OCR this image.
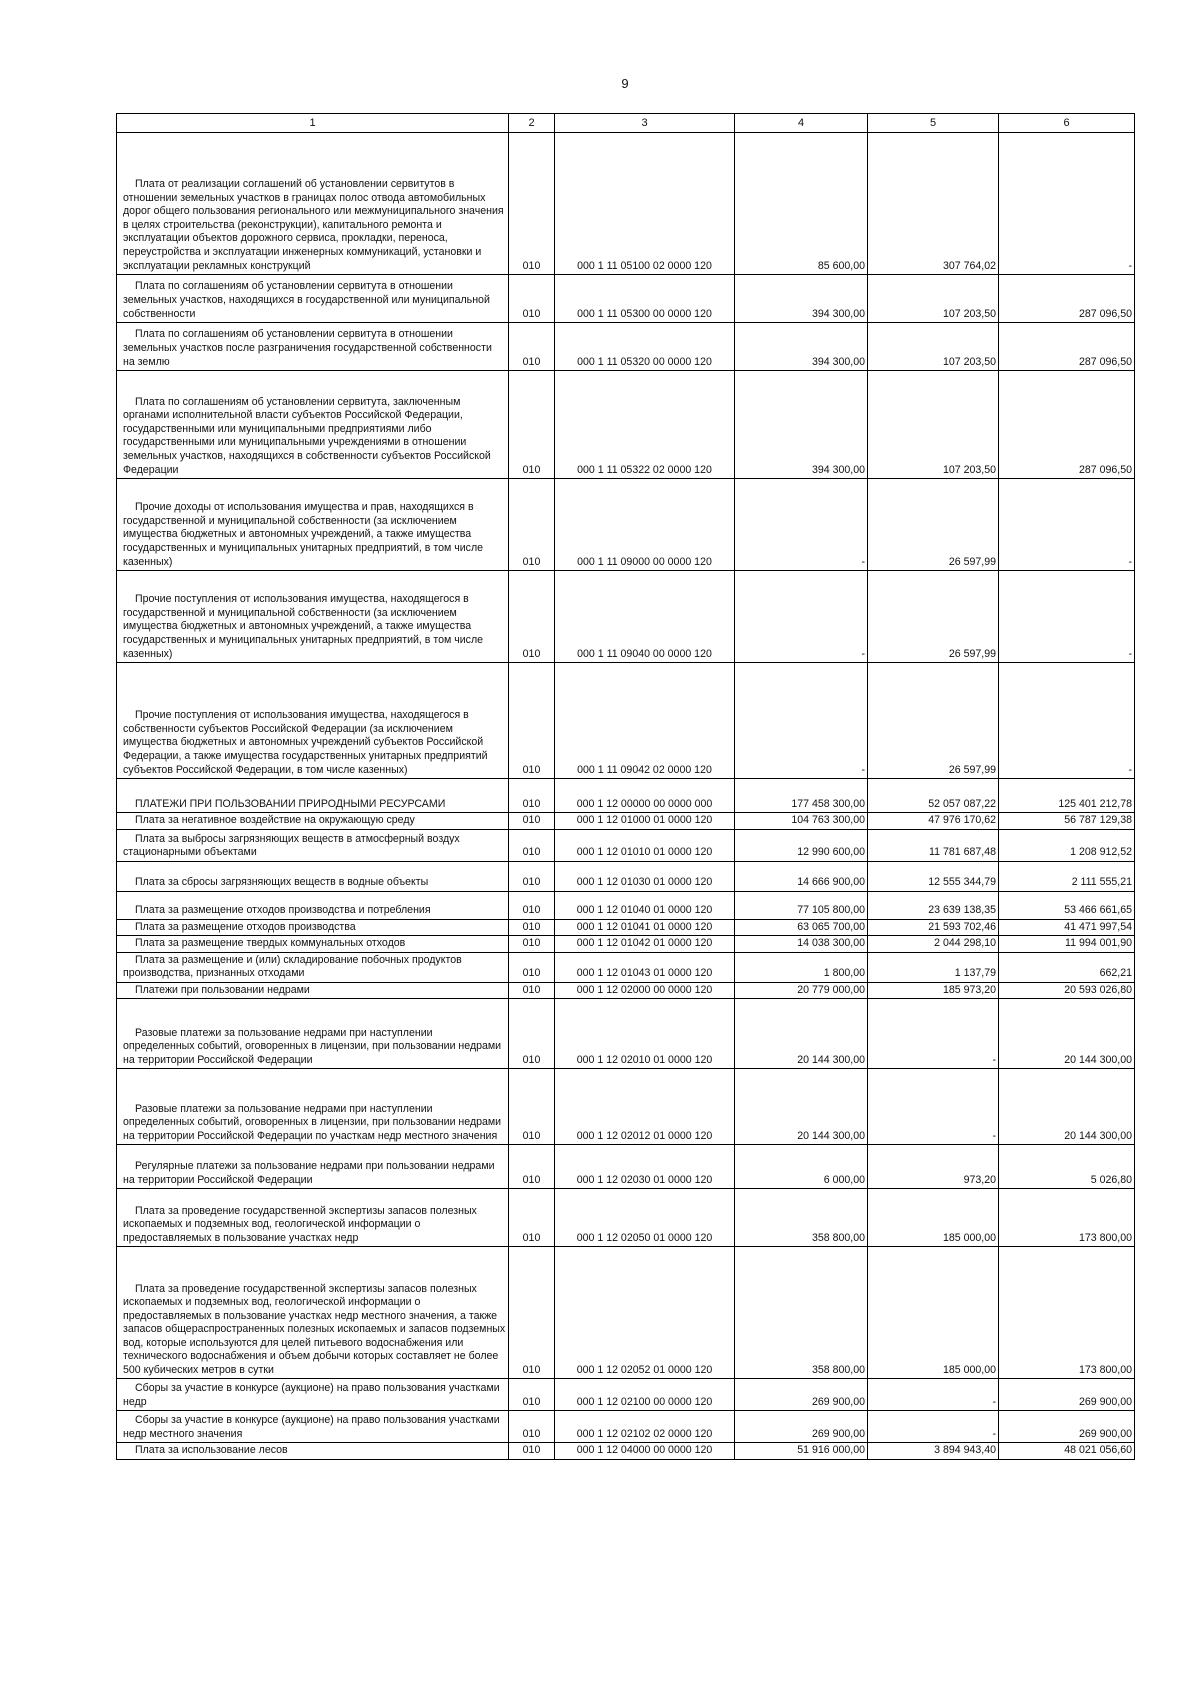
9
1	2	3	4	5	6
Плата от реализации соглашений об установлении сервитутов в отношении земельных участков в границах полос отвода автомобильных дорог общего пользования регионального или межмуниципального значения в целях строительства (реконструкции), капитального ремонта и эксплуатации объектов дорожного сервиса, прокладки, переноса, переустройства и эксплуатации инженерных коммуникаций, установки и эксплуатации рекламных конструкций	010	000 1 11 05100 02 0000 120	85 600,00	307 764,02	-
Плата по соглашениям об установлении сервитута в отношении земельных участков, находящихся в государственной или муниципальной собственности	010	000 1 11 05300 00 0000 120	394 300,00	107 203,50	287 096,50
Плата по соглашениям об установлении сервитута в отношении земельных участков после разграничения государственной собственности на землю	010	000 1 11 05320 00 0000 120	394 300,00	107 203,50	287 096,50
Плата по соглашениям об установлении сервитута, заключенным органами исполнительной власти субъектов Российской Федерации, государственными или муниципальными предприятиями либо государственными или муниципальными учреждениями в отношении земельных участков, находящихся в собственности субъектов Российской Федерации	010	000 1 11 05322 02 0000 120	394 300,00	107 203,50	287 096,50
Прочие доходы от использования имущества и прав, находящихся в государственной и муниципальной собственности (за исключением имущества бюджетных и автономных учреждений, а также имущества государственных и муниципальных унитарных предприятий, в том числе казенных)	010	000 1 11 09000 00 0000 120	-	26 597,99	-
Прочие поступления от использования имущества, находящегося в государственной и муниципальной собственности (за исключением имущества бюджетных и автономных учреждений, а также имущества государственных и муниципальных унитарных предприятий, в том числе казенных)	010	000 1 11 09040 00 0000 120	-	26 597,99	-
Прочие поступления от использования имущества, находящегося в собственности субъектов Российской Федерации (за исключением имущества бюджетных и автономных учреждений субъектов Российской Федерации, а также имущества государственных унитарных предприятий субъектов Российской Федерации, в том числе казенных)	010	000 1 11 09042 02 0000 120	-	26 597,99	-
ПЛАТЕЖИ ПРИ ПОЛЬЗОВАНИИ ПРИРОДНЫМИ РЕСУРСАМИ	010	000 1 12 00000 00 0000 000	177 458 300,00	52 057 087,22	125 401 212,78
Плата за негативное воздействие на окружающую среду	010	000 1 12 01000 01 0000 120	104 763 300,00	47 976 170,62	56 787 129,38
Плата за выбросы загрязняющих веществ в атмосферный воздух стационарными объектами	010	000 1 12 01010 01 0000 120	12 990 600,00	11 781 687,48	1 208 912,52
Плата за сбросы загрязняющих веществ в водные объекты	010	000 1 12 01030 01 0000 120	14 666 900,00	12 555 344,79	2 111 555,21
Плата за размещение отходов производства и потребления	010	000 1 12 01040 01 0000 120	77 105 800,00	23 639 138,35	53 466 661,65
Плата за размещение отходов производства	010	000 1 12 01041 01 0000 120	63 065 700,00	21 593 702,46	41 471 997,54
Плата за размещение твердых коммунальных отходов	010	000 1 12 01042 01 0000 120	14 038 300,00	2 044 298,10	11 994 001,90
Плата за размещение и (или) складирование побочных продуктов производства, признанных отходами	010	000 1 12 01043 01 0000 120	1 800,00	1 137,79	662,21
Платежи при пользовании недрами	010	000 1 12 02000 00 0000 120	20 779 000,00	185 973,20	20 593 026,80
Разовые платежи за пользование недрами при наступлении определенных событий, оговоренных в лицензии, при пользовании недрами на территории Российской Федерации	010	000 1 12 02010 01 0000 120	20 144 300,00	-	20 144 300,00
Разовые платежи за пользование недрами при наступлении определенных событий, оговоренных в лицензии, при пользовании недрами на территории Российской Федерации по участкам недр местного значения	010	000 1 12 02012 01 0000 120	20 144 300,00	-	20 144 300,00
Регулярные платежи за пользование недрами при пользовании недрами на территории Российской Федерации	010	000 1 12 02030 01 0000 120	6 000,00	973,20	5 026,80
Плата за проведение государственной экспертизы запасов полезных ископаемых и подземных вод, геологической информации о предоставляемых в пользование участках недр	010	000 1 12 02050 01 0000 120	358 800,00	185 000,00	173 800,00
Плата за проведение государственной экспертизы запасов полезных ископаемых и подземных вод, геологической информации о предоставляемых в пользование участках недр местного значения, а также запасов общераспространенных полезных ископаемых и запасов подземных вод, которые используются для целей питьевого водоснабжения или технического водоснабжения и объем добычи которых составляет не более 500 кубических метров в сутки	010	000 1 12 02052 01 0000 120	358 800,00	185 000,00	173 800,00
Сборы за участие в конкурсе (аукционе) на право пользования участками недр	010	000 1 12 02100 00 0000 120	269 900,00	-	269 900,00
Сборы за участие в конкурсе (аукционе) на право пользования участками недр местного значения	010	000 1 12 02102 02 0000 120	269 900,00	-	269 900,00
Плата за использование лесов	010	000 1 12 04000 00 0000 120	51 916 000,00	3 894 943,40	48 021 056,60
